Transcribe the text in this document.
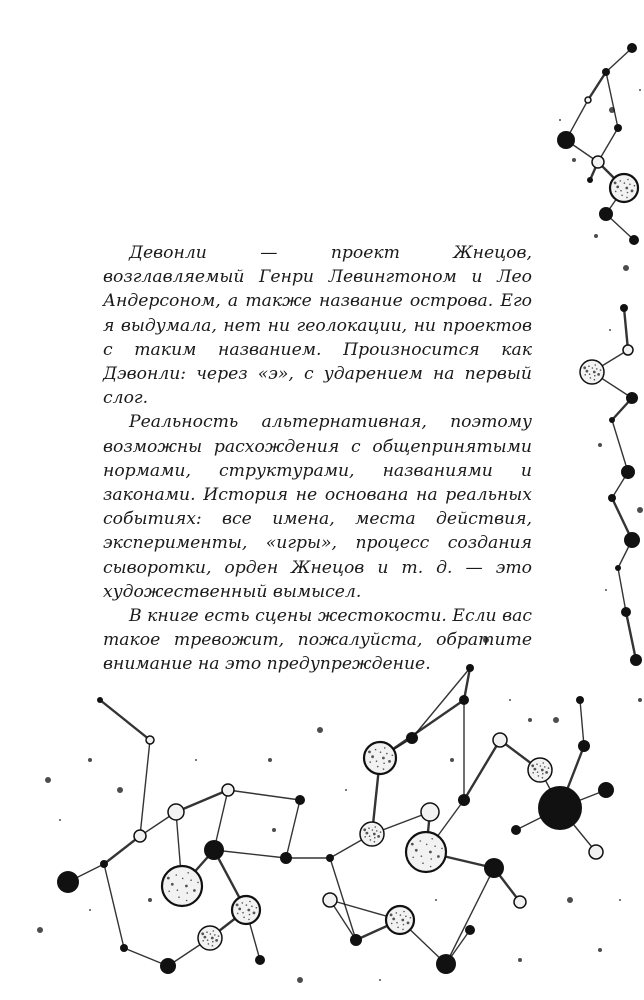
Девонли — проект Жнецов, возглавляемый Генри Левингтоном и Лео Андерсоном, а также название острова. Его я выдумала, нет ни геолокации, ни проектов с таким названием. Произносится как Дэвонли: через «э», с ударением на первый слог.

Реальность альтернативная, поэтому возможны расхождения с общепринятыми нормами, структурами, названиями и законами. История не основана на реальных событиях: все имена, места действия, эксперименты, «игры», процесс создания сыворотки, орден Жнецов и т. д. — это художественный вымысел.

В книге есть сцены жестокости. Если вас такое тревожит, пожалуйста, обратите внимание на это предупреждение.
